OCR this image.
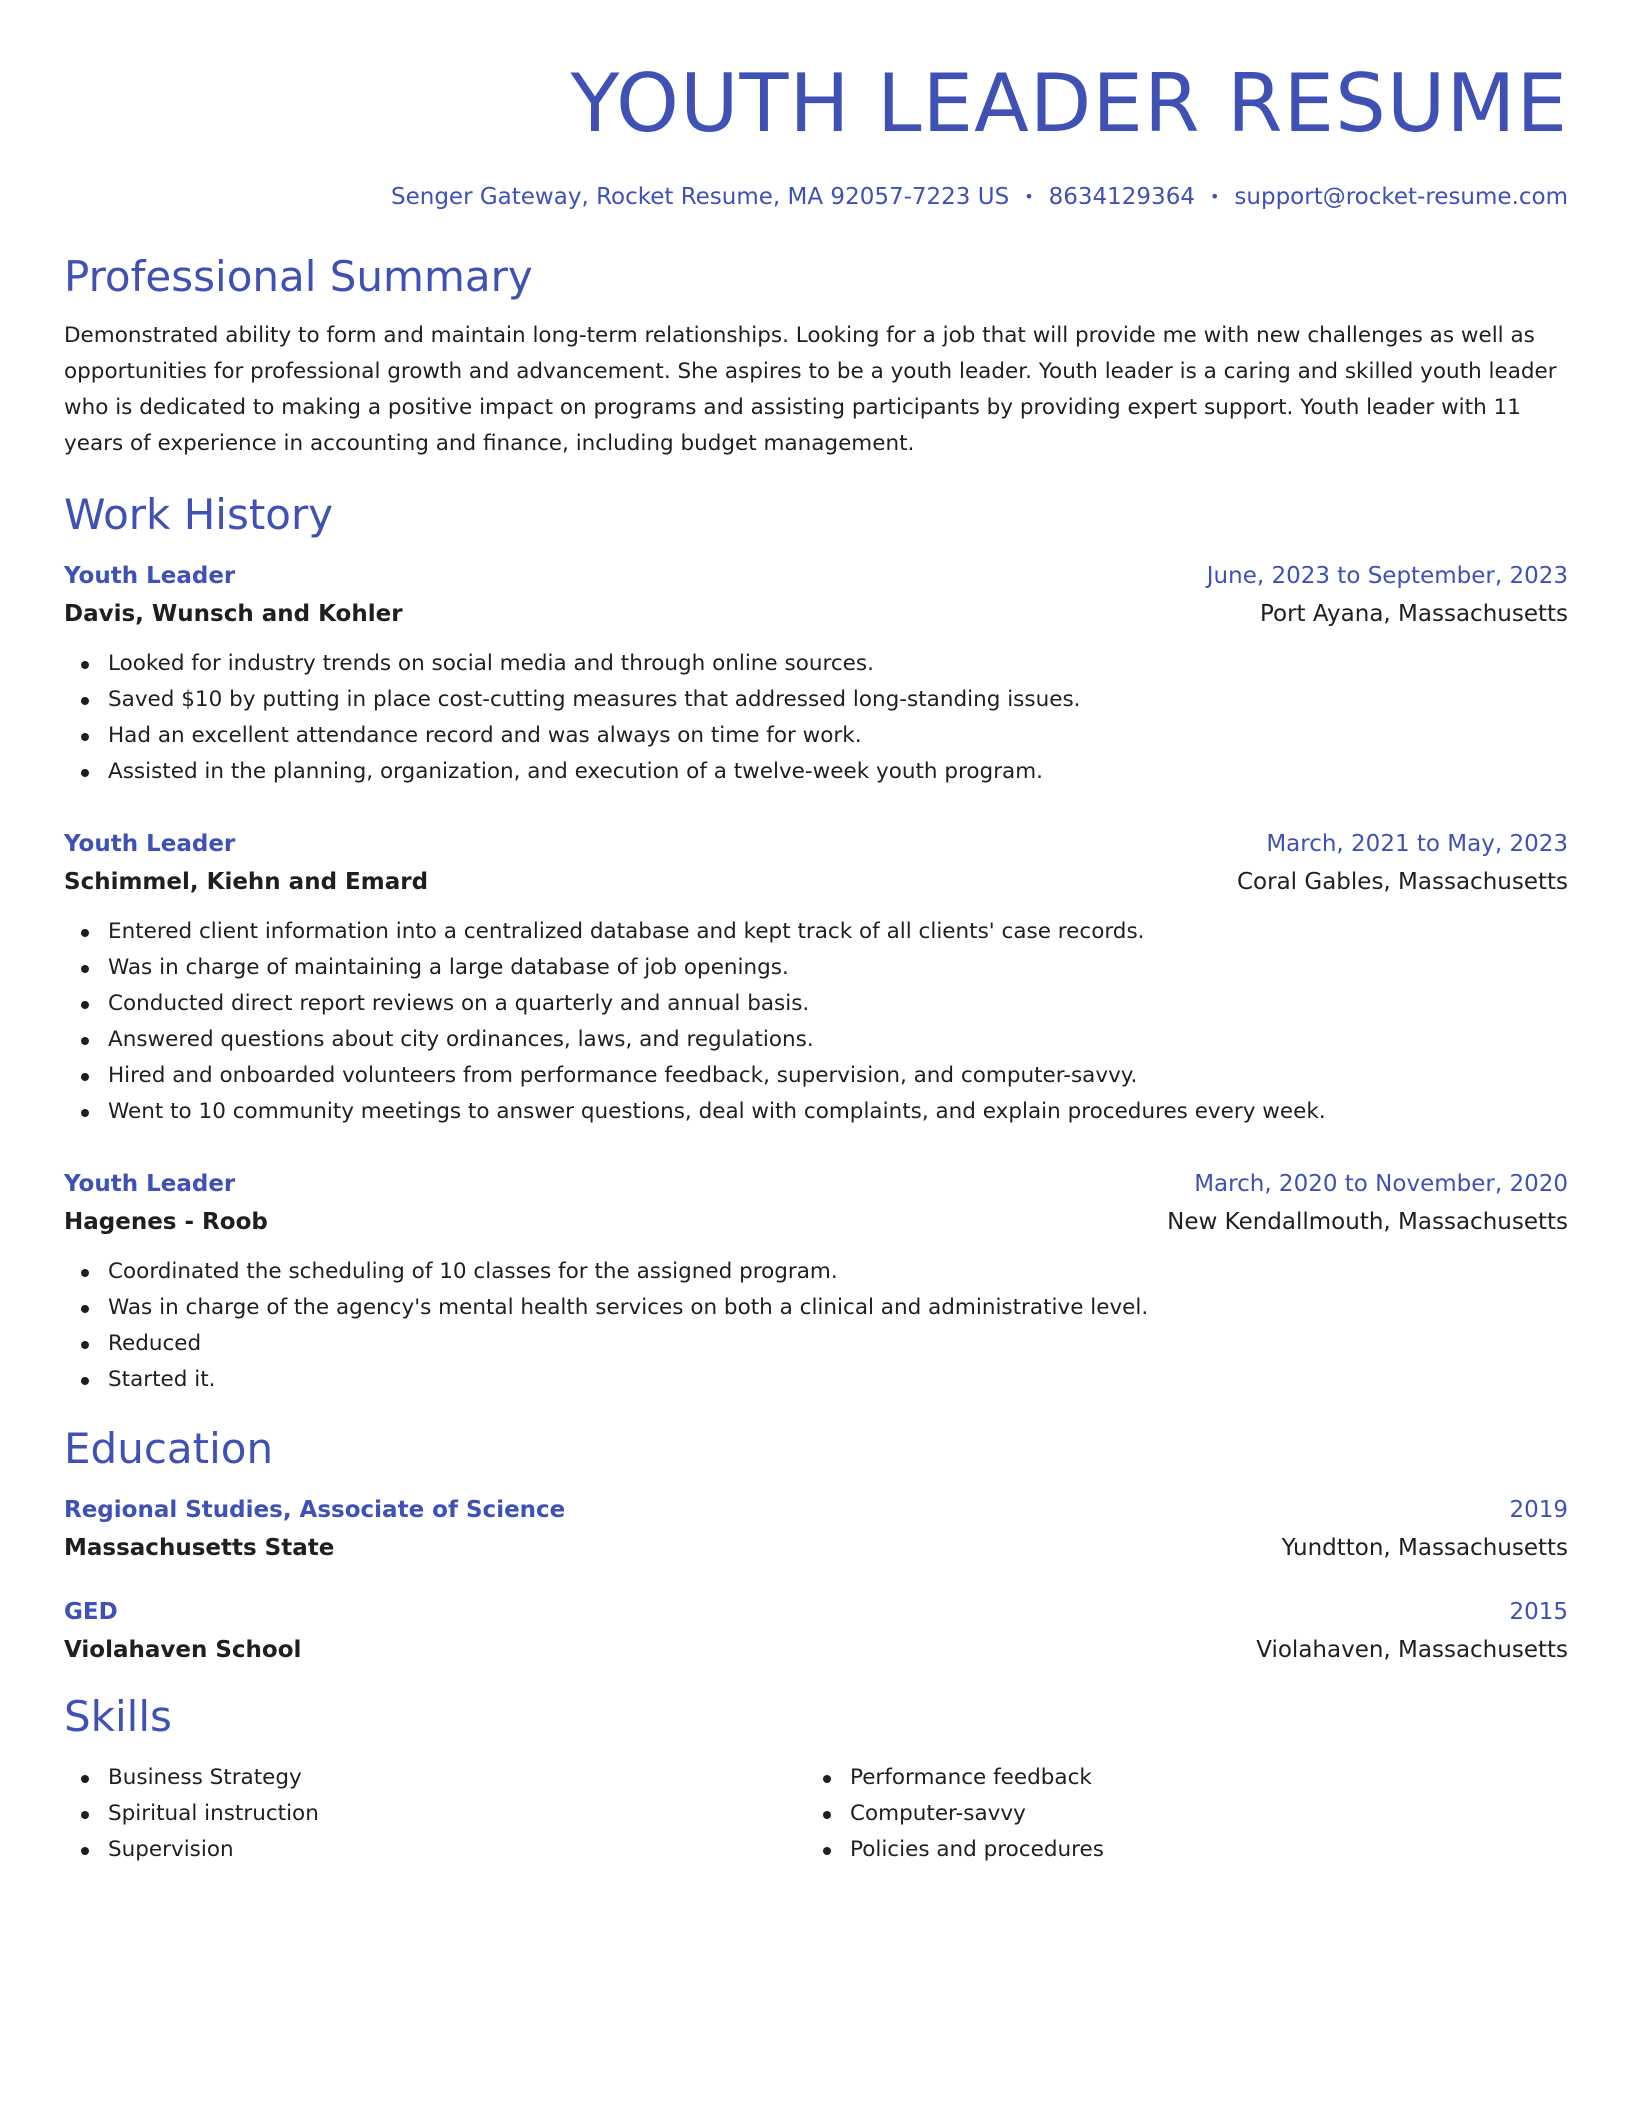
YOUTH LEADER RESUME
Senger Gateway, Rocket Resume, MA 92057-7223 US • 8634129364 • support@rocket-resume.com
Professional Summary
Demonstrated ability to form and maintain long-term relationships. Looking for a job that will provide me with new challenges as well as opportunities for professional growth and advancement. She aspires to be a youth leader. Youth leader is a caring and skilled youth leader who is dedicated to making a positive impact on programs and assisting participants by providing expert support. Youth leader with 11 years of experience in accounting and finance, including budget management.
Work History
Youth Leader	June, 2023 to September, 2023
Davis, Wunsch and Kohler	Port Ayana, Massachusetts
Looked for industry trends on social media and through online sources.
Saved $10 by putting in place cost-cutting measures that addressed long-standing issues.
Had an excellent attendance record and was always on time for work.
Assisted in the planning, organization, and execution of a twelve-week youth program.
Youth Leader	March, 2021 to May, 2023
Schimmel, Kiehn and Emard	Coral Gables, Massachusetts
Entered client information into a centralized database and kept track of all clients' case records.
Was in charge of maintaining a large database of job openings.
Conducted direct report reviews on a quarterly and annual basis.
Answered questions about city ordinances, laws, and regulations.
Hired and onboarded volunteers from performance feedback, supervision, and computer-savvy.
Went to 10 community meetings to answer questions, deal with complaints, and explain procedures every week.
Youth Leader	March, 2020 to November, 2020
Hagenes - Roob	New Kendallmouth, Massachusetts
Coordinated the scheduling of 10 classes for the assigned program.
Was in charge of the agency's mental health services on both a clinical and administrative level.
Reduced
Started it.
Education
Regional Studies, Associate of Science	2019
Massachusetts State	Yundtton, Massachusetts
GED	2015
Violahaven School	Violahaven, Massachusetts
Skills
Business Strategy
Spiritual instruction
Supervision
Performance feedback
Computer-savvy
Policies and procedures
